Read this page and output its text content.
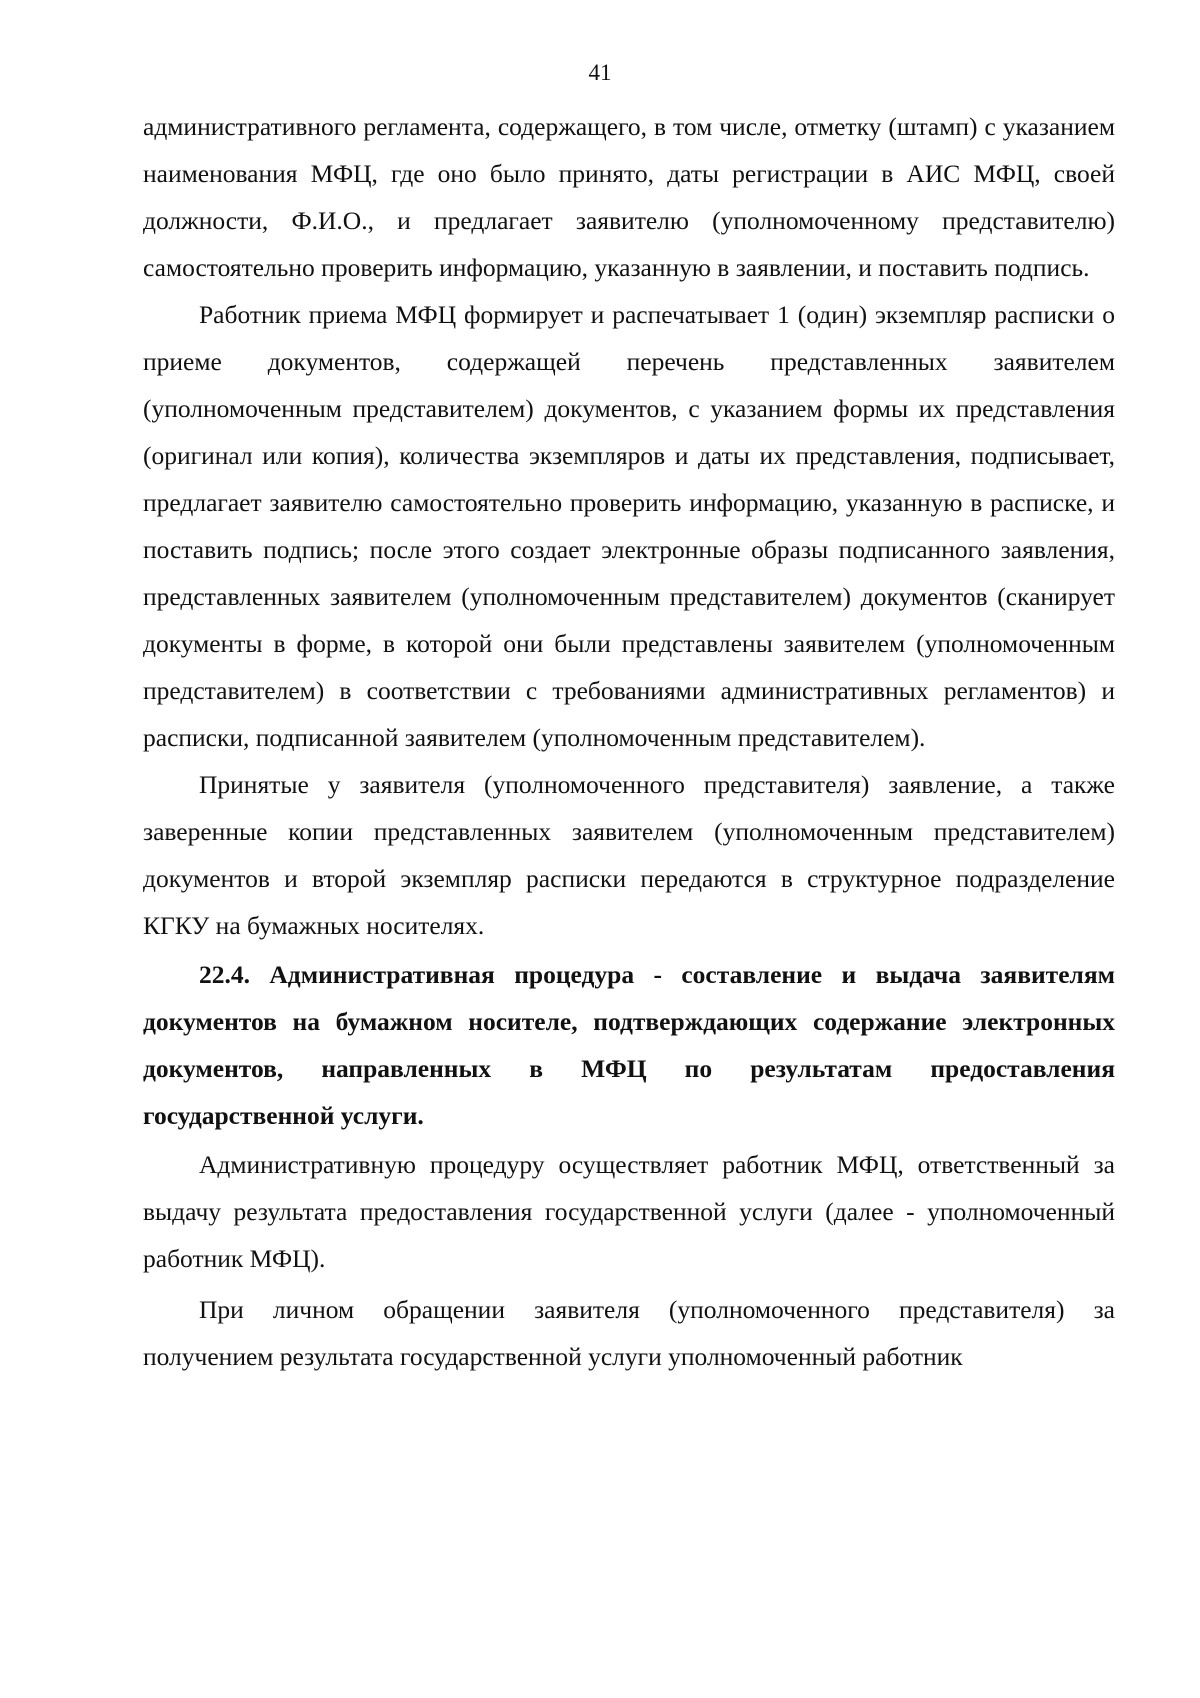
41

административного регламента, содержащего, в том числе, отметку (штамп) с указанием наименования МФЦ, где оно было принято, даты регистрации в АИС МФЦ, своей должности, Ф.И.О., и предлагает заявителю (уполномоченному представителю) самостоятельно проверить информацию, указанную в заявлении, и поставить подпись.

Работник приема МФЦ формирует и распечатывает 1 (один) экземпляр расписки о приеме документов, содержащей перечень представленных заявителем (уполномоченным представителем) документов, с указанием формы их представления (оригинал или копия), количества экземпляров и даты их представления, подписывает, предлагает заявителю самостоятельно проверить информацию, указанную в расписке, и поставить подпись; после этого создает электронные образы подписанного заявления, представленных заявителем (уполномоченным представителем) документов (сканирует документы в форме, в которой они были представлены заявителем (уполномоченным представителем) в соответствии с требованиями административных регламентов) и расписки, подписанной заявителем (уполномоченным представителем).

Принятые у заявителя (уполномоченного представителя) заявление, а также заверенные копии представленных заявителем (уполномоченным представителем) документов и второй экземпляр расписки передаются в структурное подразделение КГКУ на бумажных носителях.

22.4. Административная процедура - составление и выдача заявителям документов на бумажном носителе, подтверждающих содержание электронных документов, направленных в МФЦ по результатам предоставления государственной услуги.

Административную процедуру осуществляет работник МФЦ, ответственный за выдачу результата предоставления государственной услуги (далее - уполномоченный работник МФЦ).

При личном обращении заявителя (уполномоченного представителя) за получением результата государственной услуги уполномоченный работник
